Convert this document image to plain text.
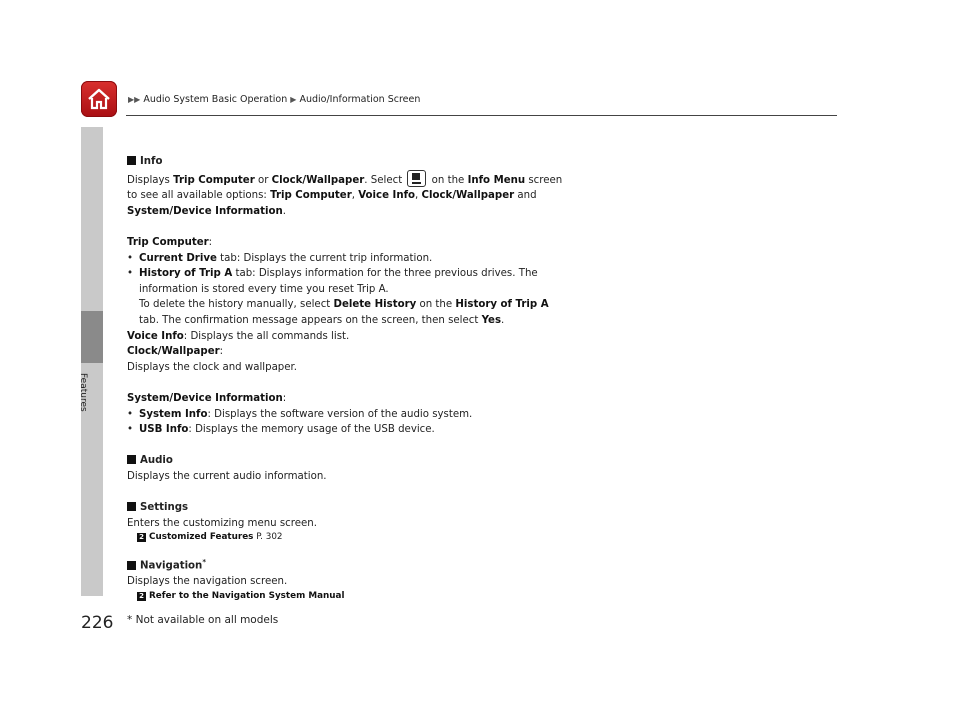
▶▶ Audio System Basic Operation ▶ Audio/Information Screen
Features
Info
Displays Trip Computer or Clock/Wallpaper. Select
on the Info Menu screen
to see all available options: Trip Computer, Voice Info, Clock/Wallpaper and
System/Device Information.
Trip Computer:
• Current Drive tab: Displays the current trip information.
• History of Trip A tab: Displays information for the three previous drives. The
information is stored every time you reset Trip A.
To delete the history manually, select Delete History on the History of Trip A
tab. The confirmation message appears on the screen, then select Yes.
Voice Info: Displays the all commands list.
Clock/Wallpaper:
Displays the clock and wallpaper.
System/Device Information:
• System Info: Displays the software version of the audio system.
• USB Info: Displays the memory usage of the USB device.
Audio
Displays the current audio information.
Settings
Enters the customizing menu screen.
2 Customized Features P. 302
Navigation*
Displays the navigation screen.
2 Refer to the Navigation System Manual
226 * Not available on all models
